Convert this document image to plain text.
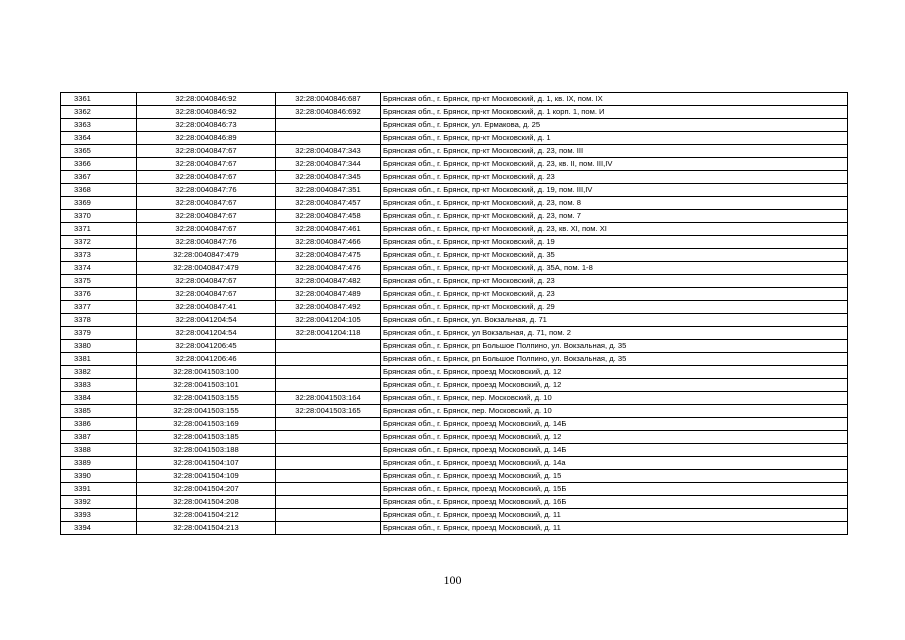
3361	32:28:0040846:92	32:28:0040846:687	Брянская обл., г. Брянск, пр-кт Московский, д. 1, кв. IX, пом. IX
3362	32:28:0040846:92	32:28:0040846:692	Брянская обл., г. Брянск, пр-кт Московский, д. 1 корп. 1, пом. И
3363	32:28:0040846:73		Брянская обл., г. Брянск, ул. Ермакова, д. 25
3364	32:28:0040846:89		Брянская обл., г. Брянск, пр-кт Московский, д. 1
3365	32:28:0040847:67	32:28:0040847:343	Брянская обл., г. Брянск, пр-кт Московский, д. 23, пом. III
3366	32:28:0040847:67	32:28:0040847:344	Брянская обл., г. Брянск, пр-кт Московский, д. 23, кв. II, пом. III,IV
3367	32:28:0040847:67	32:28:0040847:345	Брянская обл., г. Брянск, пр-кт Московский, д. 23
3368	32:28:0040847:76	32:28:0040847:351	Брянская обл., г. Брянск, пр-кт Московский, д. 19, пом. III,IV
3369	32:28:0040847:67	32:28:0040847:457	Брянская обл., г. Брянск, пр-кт Московский, д. 23, пом. 8
3370	32:28:0040847:67	32:28:0040847:458	Брянская обл., г. Брянск, пр-кт Московский, д. 23, пом. 7
3371	32:28:0040847:67	32:28:0040847:461	Брянская обл., г. Брянск, пр-кт Московский, д. 23, кв. XI, пом. XI
3372	32:28:0040847:76	32:28:0040847:466	Брянская обл., г. Брянск, пр-кт Московский, д. 19
3373	32:28:0040847:479	32:28:0040847:475	Брянская обл., г. Брянск, пр-кт Московский, д. 35
3374	32:28:0040847:479	32:28:0040847:476	Брянская обл., г. Брянск, пр-кт Московский, д. 35А, пом. 1-8
3375	32:28:0040847:67	32:28:0040847:482	Брянская обл., г. Брянск, пр-кт Московский, д. 23
3376	32:28:0040847:67	32:28:0040847:489	Брянская обл., г. Брянск, пр-кт Московский, д. 23
3377	32:28:0040847:41	32:28:0040847:492	Брянская обл., г. Брянск, пр-кт Московский, д. 29
3378	32:28:0041204:54	32:28:0041204:105	Брянская обл., г. Брянск, ул. Вокзальная, д. 71
3379	32:28:0041204:54	32:28:0041204:118	Брянская обл., г. Брянск, ул Вокзальная, д. 71, пом. 2
3380	32:28:0041206:45		Брянская обл., г. Брянск, рп Большое Полпино, ул. Вокзальная, д. 35
3381	32:28:0041206:46		Брянская обл., г. Брянск, рп Большое Полпино, ул. Вокзальная, д. 35
3382	32:28:0041503:100		Брянская обл., г. Брянск, проезд Московский, д. 12
3383	32:28:0041503:101		Брянская обл., г. Брянск, проезд Московский, д. 12
3384	32:28:0041503:155	32:28:0041503:164	Брянская обл., г. Брянск, пер. Московский, д. 10
3385	32:28:0041503:155	32:28:0041503:165	Брянская обл., г. Брянск, пер. Московский, д. 10
3386	32:28:0041503:169		Брянская обл., г. Брянск, проезд Московский, д. 14Б
3387	32:28:0041503:185		Брянская обл., г. Брянск, проезд Московский, д. 12
3388	32:28:0041503:188		Брянская обл., г. Брянск, проезд Московский, д. 14Б
3389	32:28:0041504:107		Брянская обл., г. Брянск, проезд Московский, д. 14а
3390	32:28:0041504:109		Брянская обл., г. Брянск, проезд Московский, д. 15
3391	32:28:0041504:207		Брянская обл., г. Брянск, проезд Московский, д. 15Б
3392	32:28:0041504:208		Брянская обл., г. Брянск, проезд Московский, д. 16Б
3393	32:28:0041504:212		Брянская обл., г. Брянск, проезд Московский, д. 11
3394	32:28:0041504:213		Брянская обл., г. Брянск, проезд Московский, д. 11
100
